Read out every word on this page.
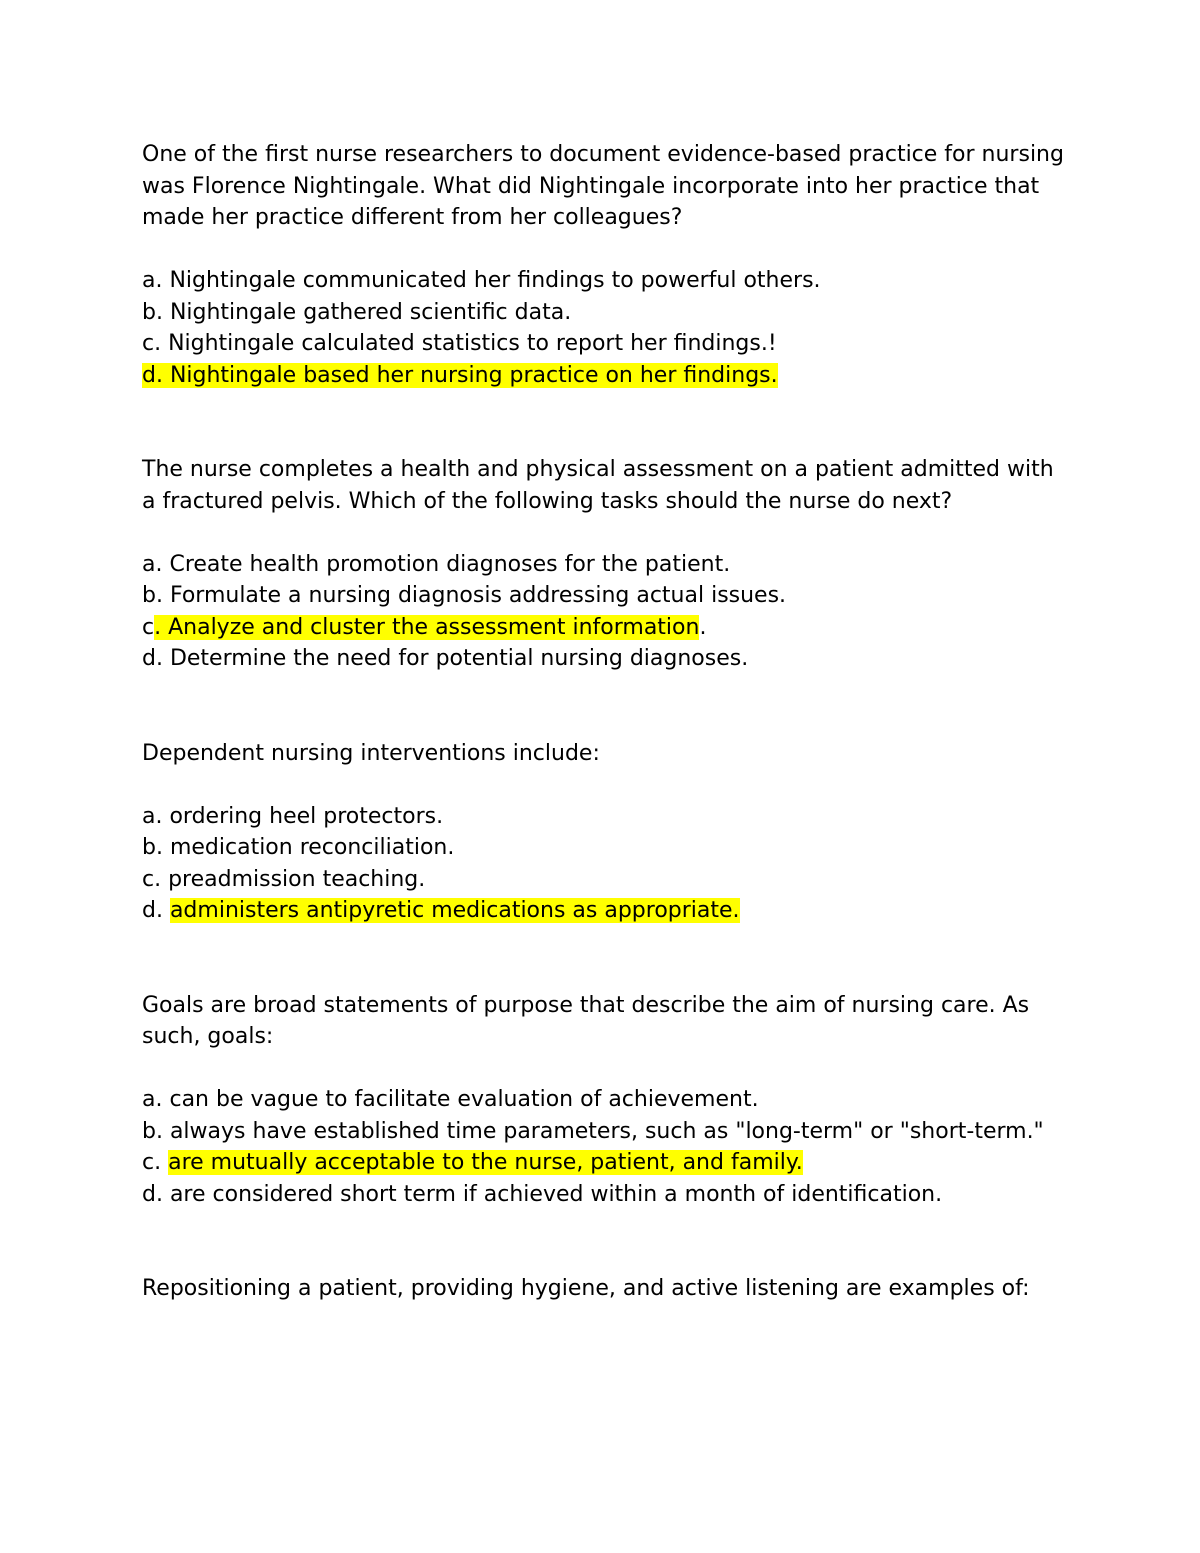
One of the first nurse researchers to document evidence-based practice for nursing was Florence Nightingale. What did Nightingale incorporate into her practice that made her practice different from her colleagues?

a. Nightingale communicated her findings to powerful others.
b. Nightingale gathered scientific data.
c. Nightingale calculated statistics to report her findings.!
d. Nightingale based her nursing practice on her findings.

The nurse completes a health and physical assessment on a patient admitted with a fractured pelvis. Which of the following tasks should the nurse do next?

a. Create health promotion diagnoses for the patient.
b. Formulate a nursing diagnosis addressing actual issues.
c. Analyze and cluster the assessment information.
d. Determine the need for potential nursing diagnoses.

Dependent nursing interventions include:

a. ordering heel protectors.
b. medication reconciliation.
c. preadmission teaching.
d. administers antipyretic medications as appropriate.

Goals are broad statements of purpose that describe the aim of nursing care. As such, goals:

a. can be vague to facilitate evaluation of achievement.
b. always have established time parameters, such as "long-term" or "short-term."
c. are mutually acceptable to the nurse, patient, and family.
d. are considered short term if achieved within a month of identification.

Repositioning a patient, providing hygiene, and active listening are examples of:
